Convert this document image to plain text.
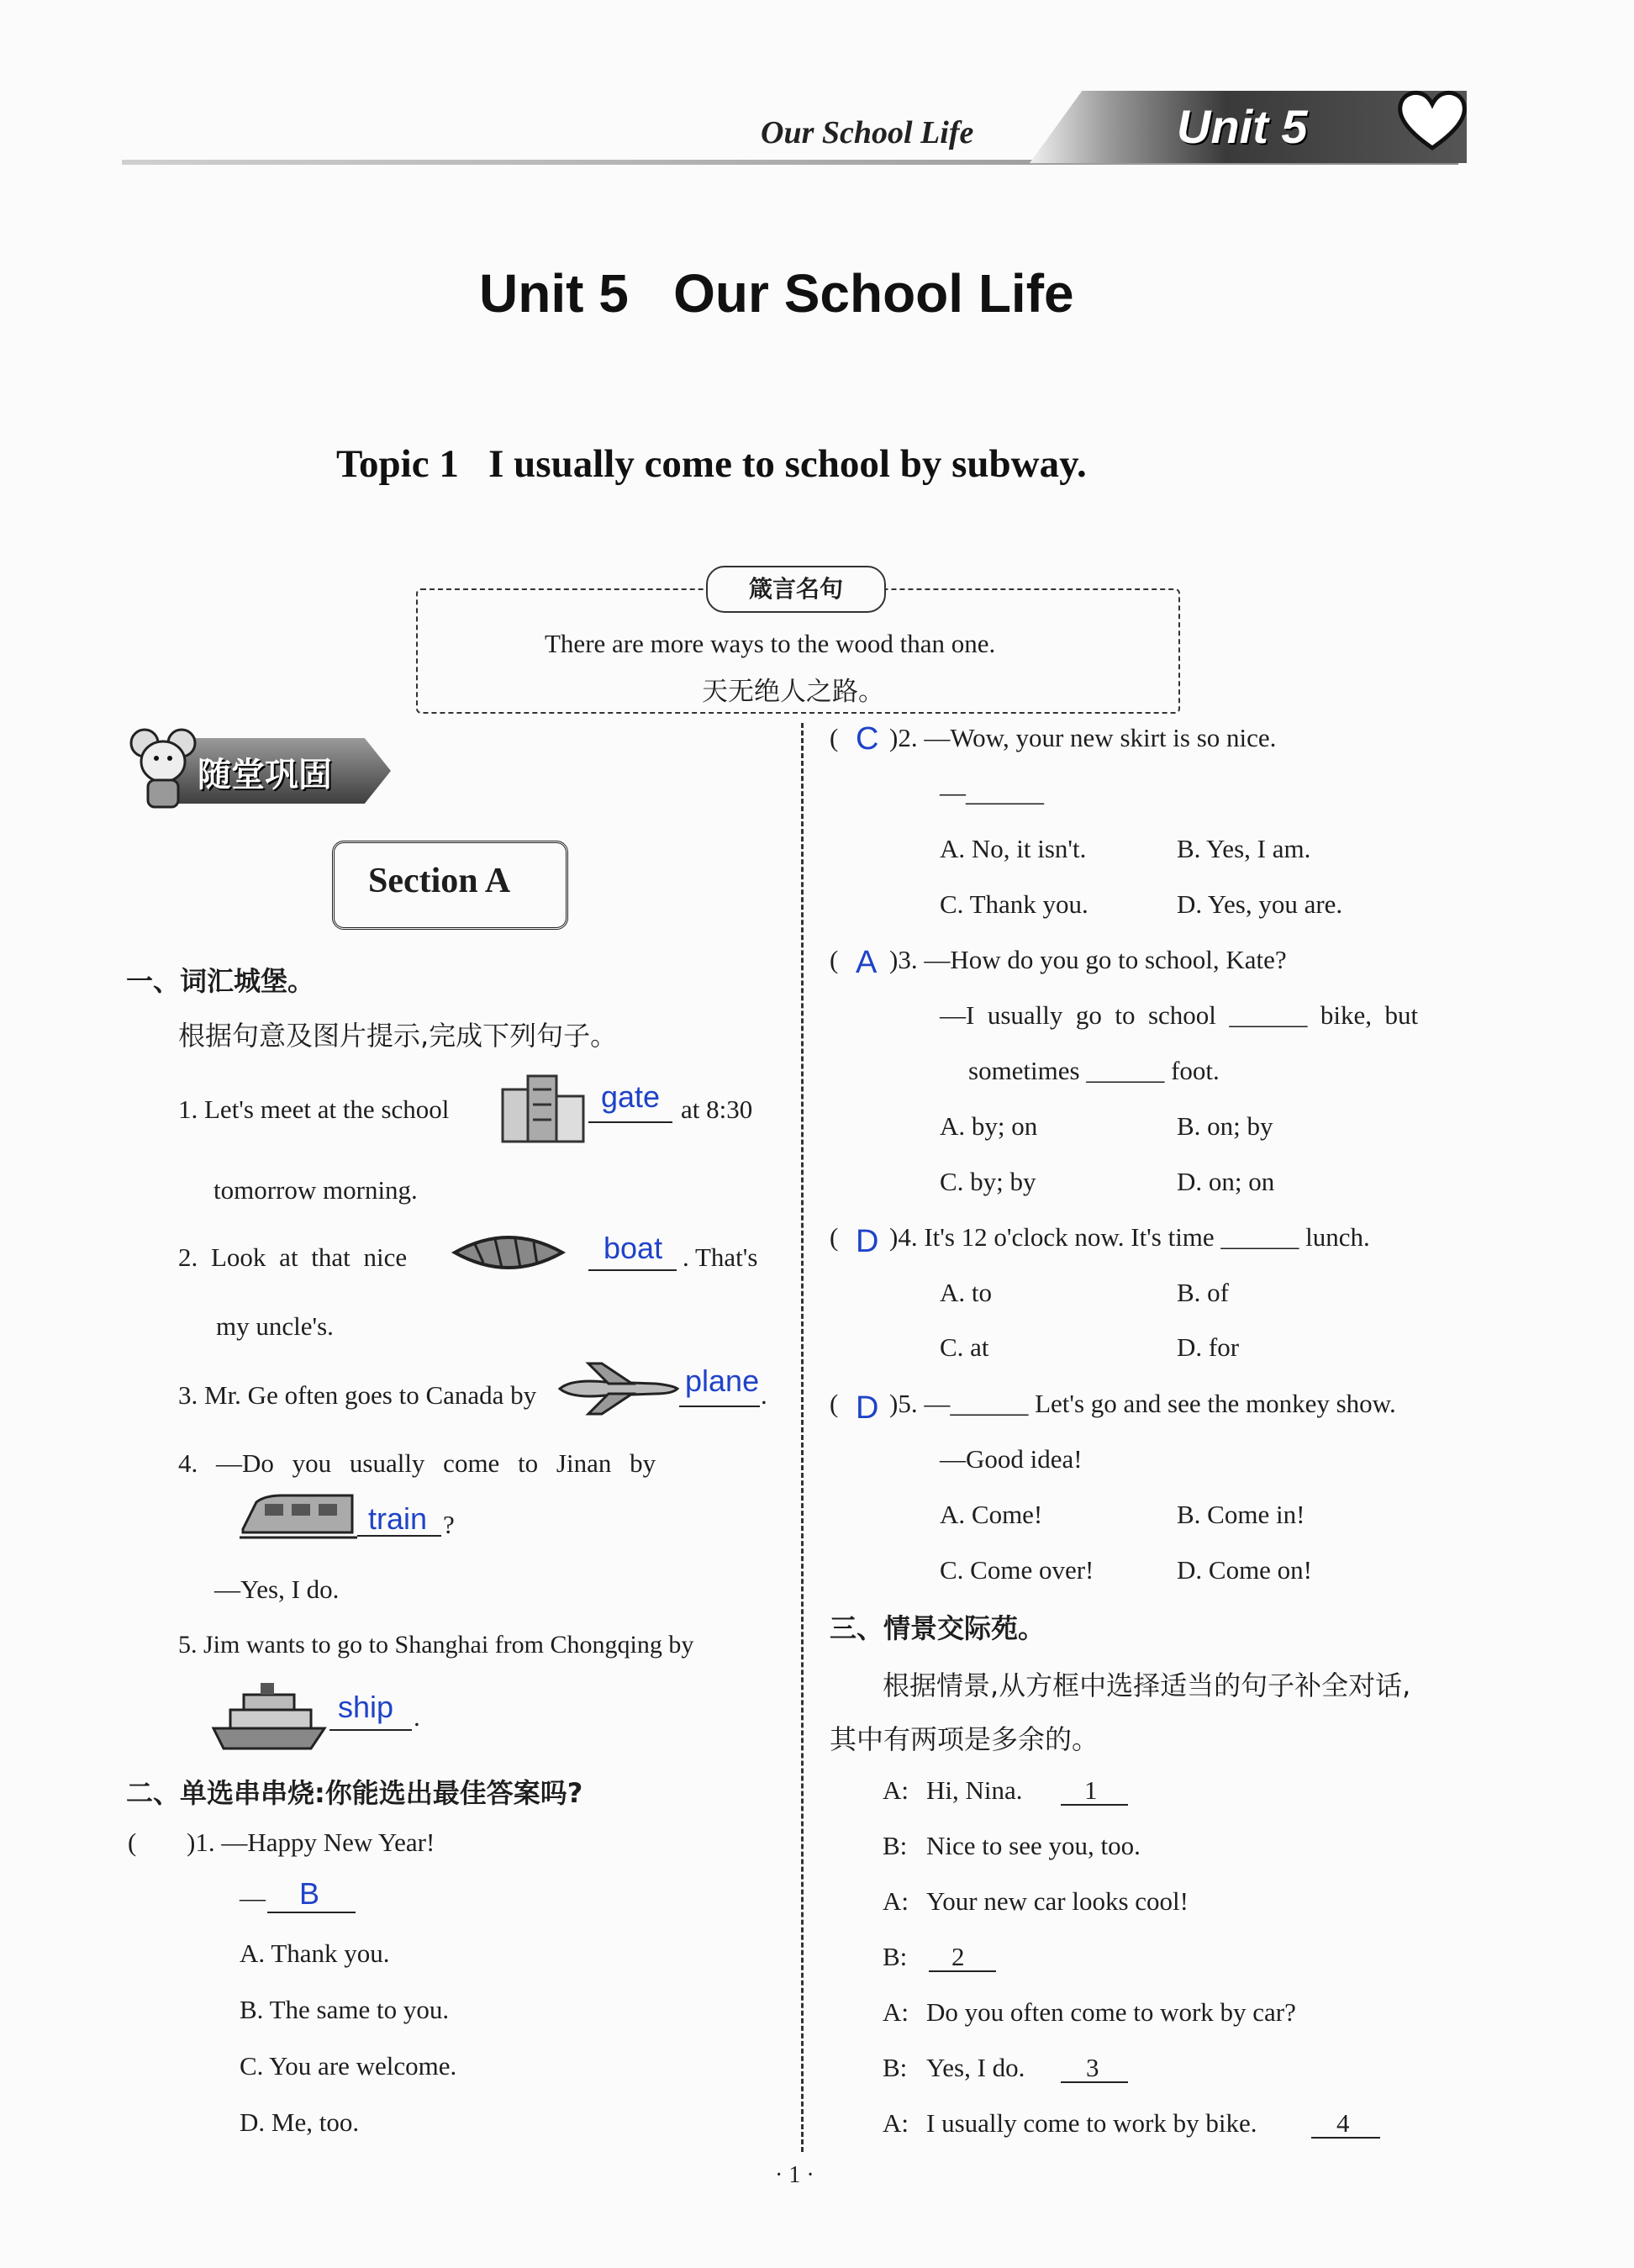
Our School Life	Unit 5
Unit 5   Our School Life
Topic 1   I usually come to school by subway.
箴言名句
There are more ways to the wood than one.
天无绝人之路。
随堂巩固
Section A
一、词汇城堡。
根据句意及图片提示,完成下列句子。
1. Let's meet at the school	gate at 8:30
tomorrow morning.
2. Look at that nice	boat . That's
my uncle's.
3. Mr. Ge often goes to Canada by	plane .
4. —Do you usually come to Jinan by
train ?
—Yes, I do.
5. Jim wants to go to Shanghai from Chongqing by
ship .
二、单选串串烧:你能选出最佳答案吗?
( )1. —Happy New Year!
— B
A. Thank you.
B. The same to you.
C. You are welcome.
D. Me, too.
( C )2. —Wow, your new skirt is so nice.
—______
A. No, it isn't.	B. Yes, I am.
C. Thank you.	D. Yes, you are.
( A )3. —How do you go to school, Kate?
—I  usually  go  to  school  ______  bike,  but
sometimes ______ foot.
A. by; on	B. on; by
C. by; by	D. on; on
( D )4. It's 12 o'clock now. It's time ______ lunch.
A. to	B. of
C. at	D. for
( D )5. —______ Let's go and see the monkey show.
—Good idea!
A. Come!	B. Come in!
C. Come over!	D. Come on!
三、情景交际苑。
根据情景,从方框中选择适当的句子补全对话,
其中有两项是多余的。
A: Hi, Nina. 1
B: Nice to see you, too.
A: Your new car looks cool!
B: 2
A: Do you often come to work by car?
B: Yes, I do. 3
A: I usually come to work by bike.	4
· 1 ·
